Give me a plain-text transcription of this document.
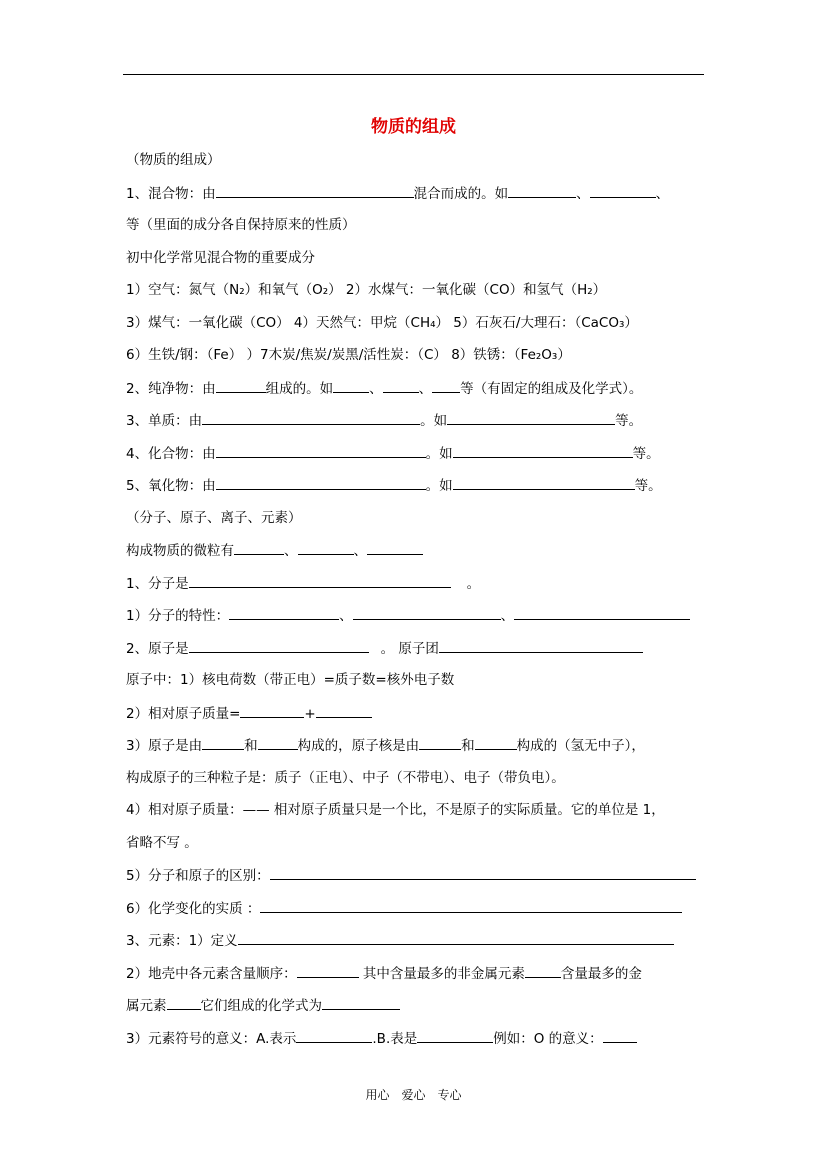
物质的组成
（物质的组成）
1、混合物：由	混合而成的。如	、	、
等（里面的成分各自保持原来的性质）
初中化学常见混合物的重要成分
1）空气：氮气（N₂）和氧气（O₂） 2）水煤气：一氧化碳（CO）和氢气（H₂）
3）煤气：一氧化碳（CO） 4）天然气：甲烷（CH₄） 5）石灰石/大理石：（CaCO₃）
6）生铁/钢：（Fe） ）7木炭/焦炭/炭黑/活性炭：（C） 8）铁锈：（Fe₂O₃）
2、纯净物：由	组成的。如	、	、 等（有固定的组成及化学式）。
3、单质：由	。如	等。
4、化合物：由	。如	等。
5、氧化物：由	。如	等。
（分子、原子、离子、元素）
构成物质的微粒有	、	、
1、分子是	。
1）分子的特性：	、	、
2、原子是	。 原子团
原子中：1）核电荷数（带正电）=质子数=核外电子数
2）相对原子质量=	+
3）原子是由	和	构成的，原子核是由	和	构成的（氢无中子），
构成原子的三种粒子是：质子（正电）、中子（不带电）、电子（带负电）。
4）相对原子质量：—— 相对原子质量只是一个比，不是原子的实际质量。它的单位是 1，
省略不写 。
5）分子和原子的区别：
6）化学变化的实质 ：
3、元素：1）定义
2）地壳中各元素含量顺序：	其中含量最多的非金属元素	含量最多的金
属元素	它们组成的化学式为
3）元素符号的意义：A.表示	.B.表是	例如：O 的意义：
用心 爱心 专心
